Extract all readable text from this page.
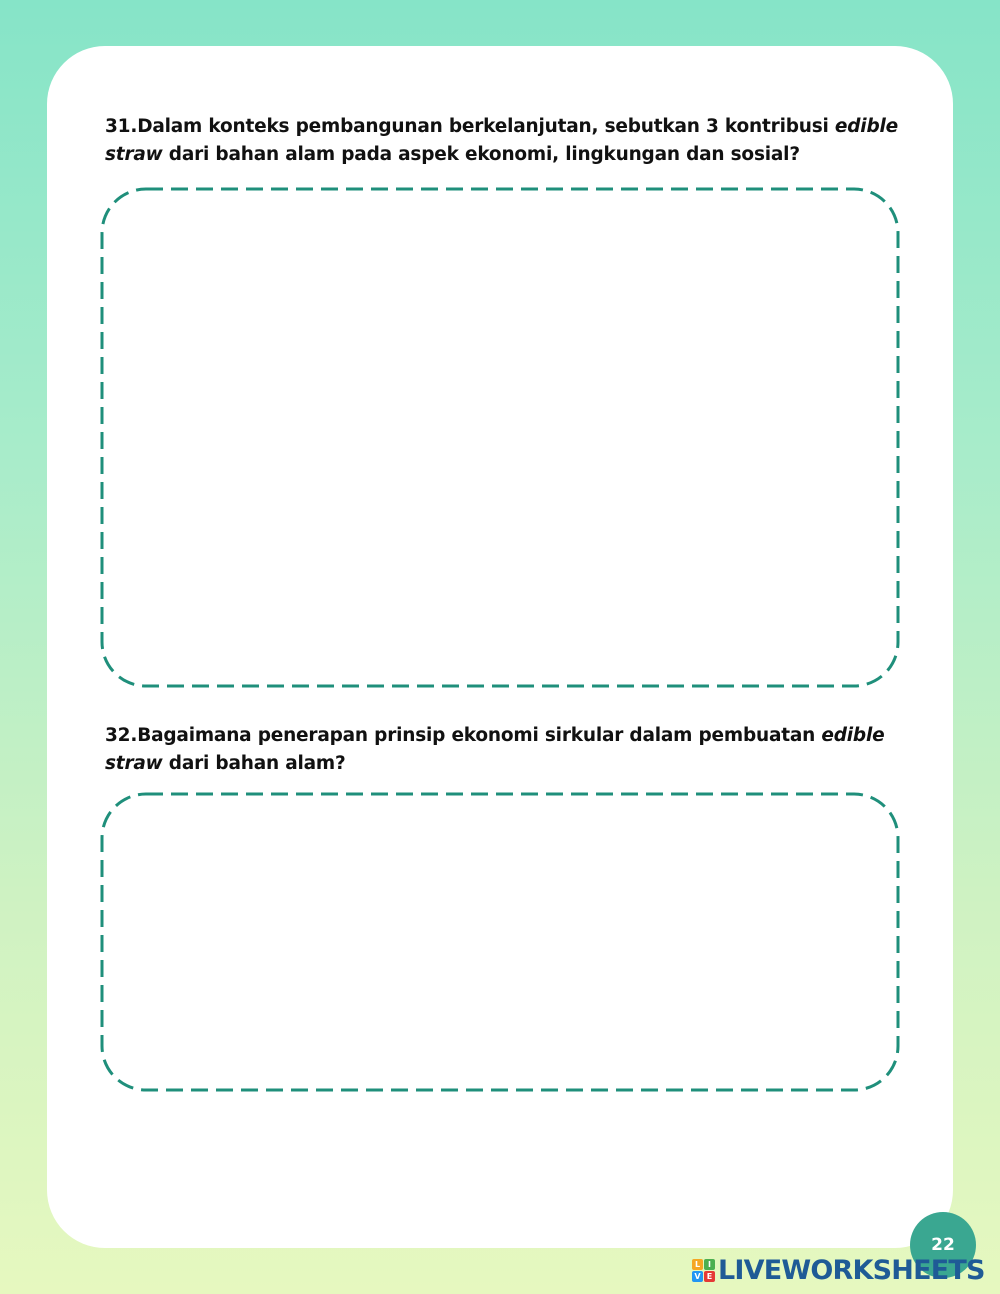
31.Dalam konteks pembangunan berkelanjutan, sebutkan 3 kontribusi edible
straw dari bahan alam pada aspek ekonomi, lingkungan dan sosial?
32.Bagaimana penerapan prinsip ekonomi sirkular dalam pembuatan edible
straw dari bahan alam?
22
L I
V E LIVEWORKSHEETS
